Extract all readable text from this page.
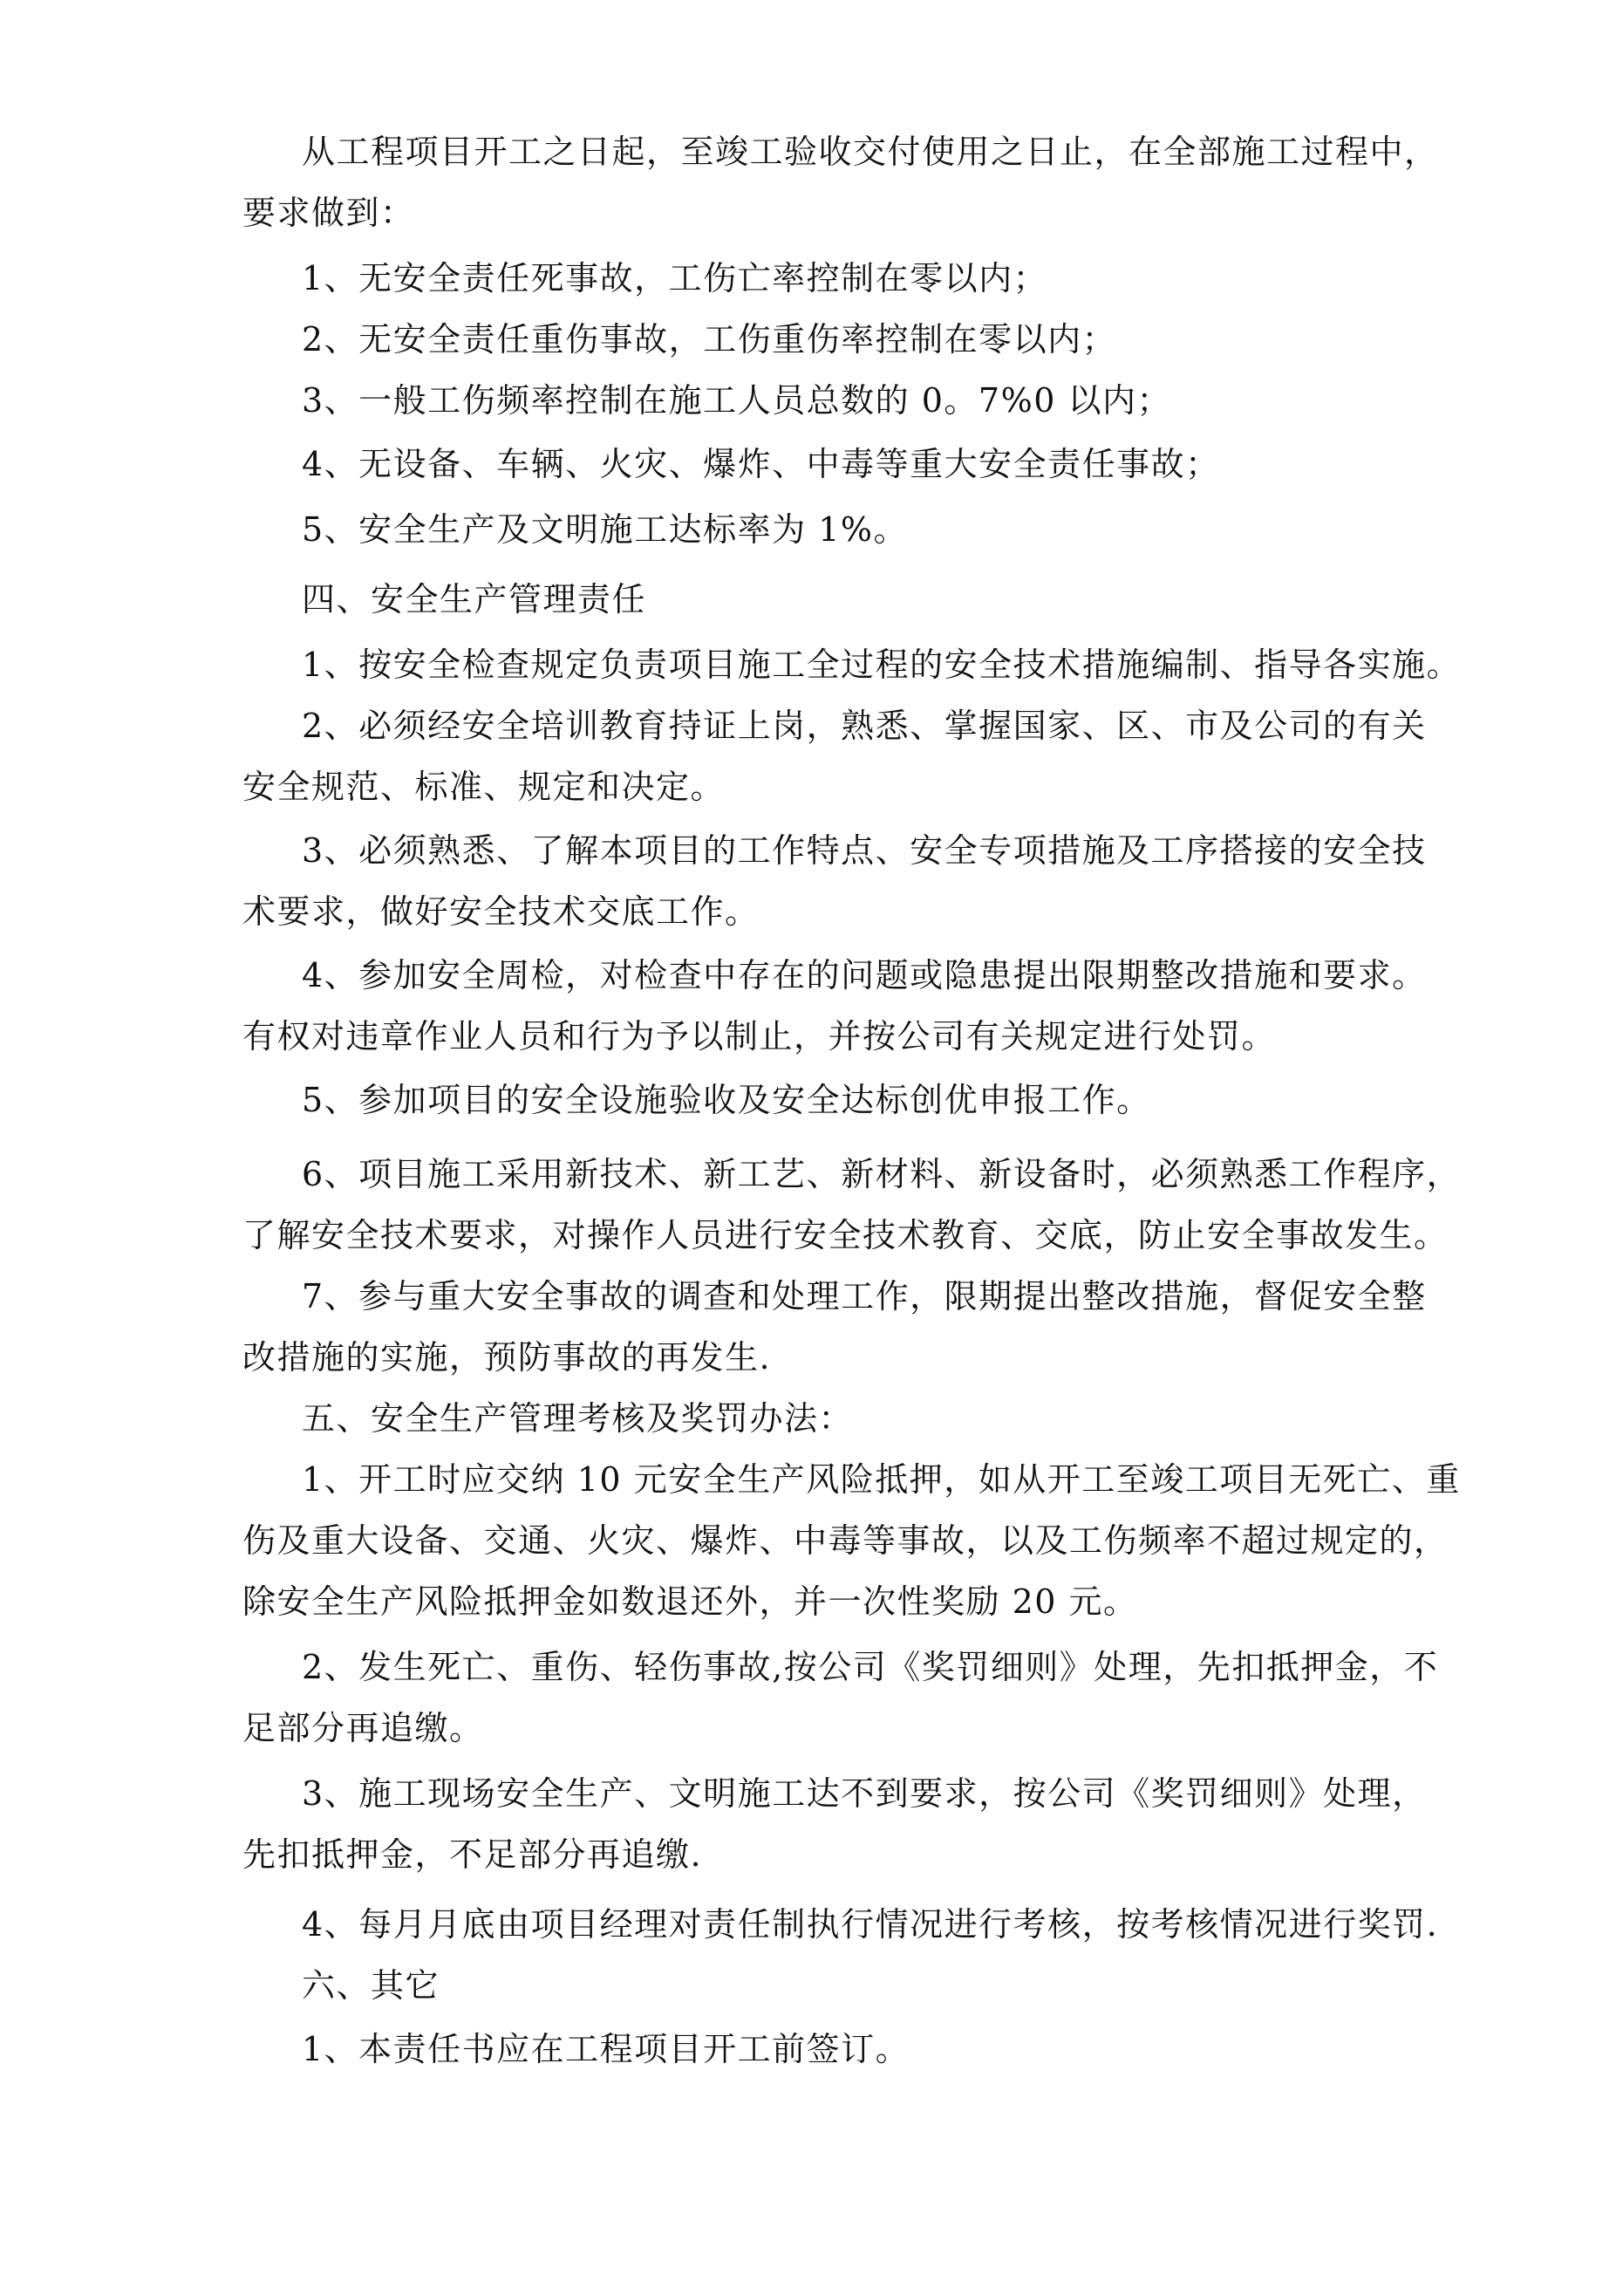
从工程项目开工之日起，至竣工验收交付使用之日止，在全部施工过程中，
要求做到：
1、无安全责任死事故，工伤亡率控制在零以内；
2、无安全责任重伤事故，工伤重伤率控制在零以内；
3、一般工伤频率控制在施工人员总数的 0。7%0 以内；
4、无设备、车辆、火灾、爆炸、中毒等重大安全责任事故；
5、安全生产及文明施工达标率为 1%。
四、安全生产管理责任
1、按安全检查规定负责项目施工全过程的安全技术措施编制、指导各实施。
2、必须经安全培训教育持证上岗，熟悉、掌握国家、区、市及公司的有关
安全规范、标准、规定和决定。
3、必须熟悉、了解本项目的工作特点、安全专项措施及工序搭接的安全技
术要求，做好安全技术交底工作。
4、参加安全周检，对检查中存在的问题或隐患提出限期整改措施和要求。
有权对违章作业人员和行为予以制止，并按公司有关规定进行处罚。
5、参加项目的安全设施验收及安全达标创优申报工作。
6、项目施工采用新技术、新工艺、新材料、新设备时，必须熟悉工作程序，
了解安全技术要求，对操作人员进行安全技术教育、交底，防止安全事故发生。
7、参与重大安全事故的调查和处理工作，限期提出整改措施，督促安全整
改措施的实施，预防事故的再发生.
五、安全生产管理考核及奖罚办法：
1、开工时应交纳 10 元安全生产风险抵押，如从开工至竣工项目无死亡、重
伤及重大设备、交通、火灾、爆炸、中毒等事故，以及工伤频率不超过规定的，
除安全生产风险抵押金如数退还外，并一次性奖励 20 元。
2、发生死亡、重伤、轻伤事故,按公司《奖罚细则》处理，先扣抵押金，不
足部分再追缴。
3、施工现场安全生产、文明施工达不到要求，按公司《奖罚细则》处理，
先扣抵押金，不足部分再追缴.
4、每月月底由项目经理对责任制执行情况进行考核，按考核情况进行奖罚.
六、其它
1、本责任书应在工程项目开工前签订。
